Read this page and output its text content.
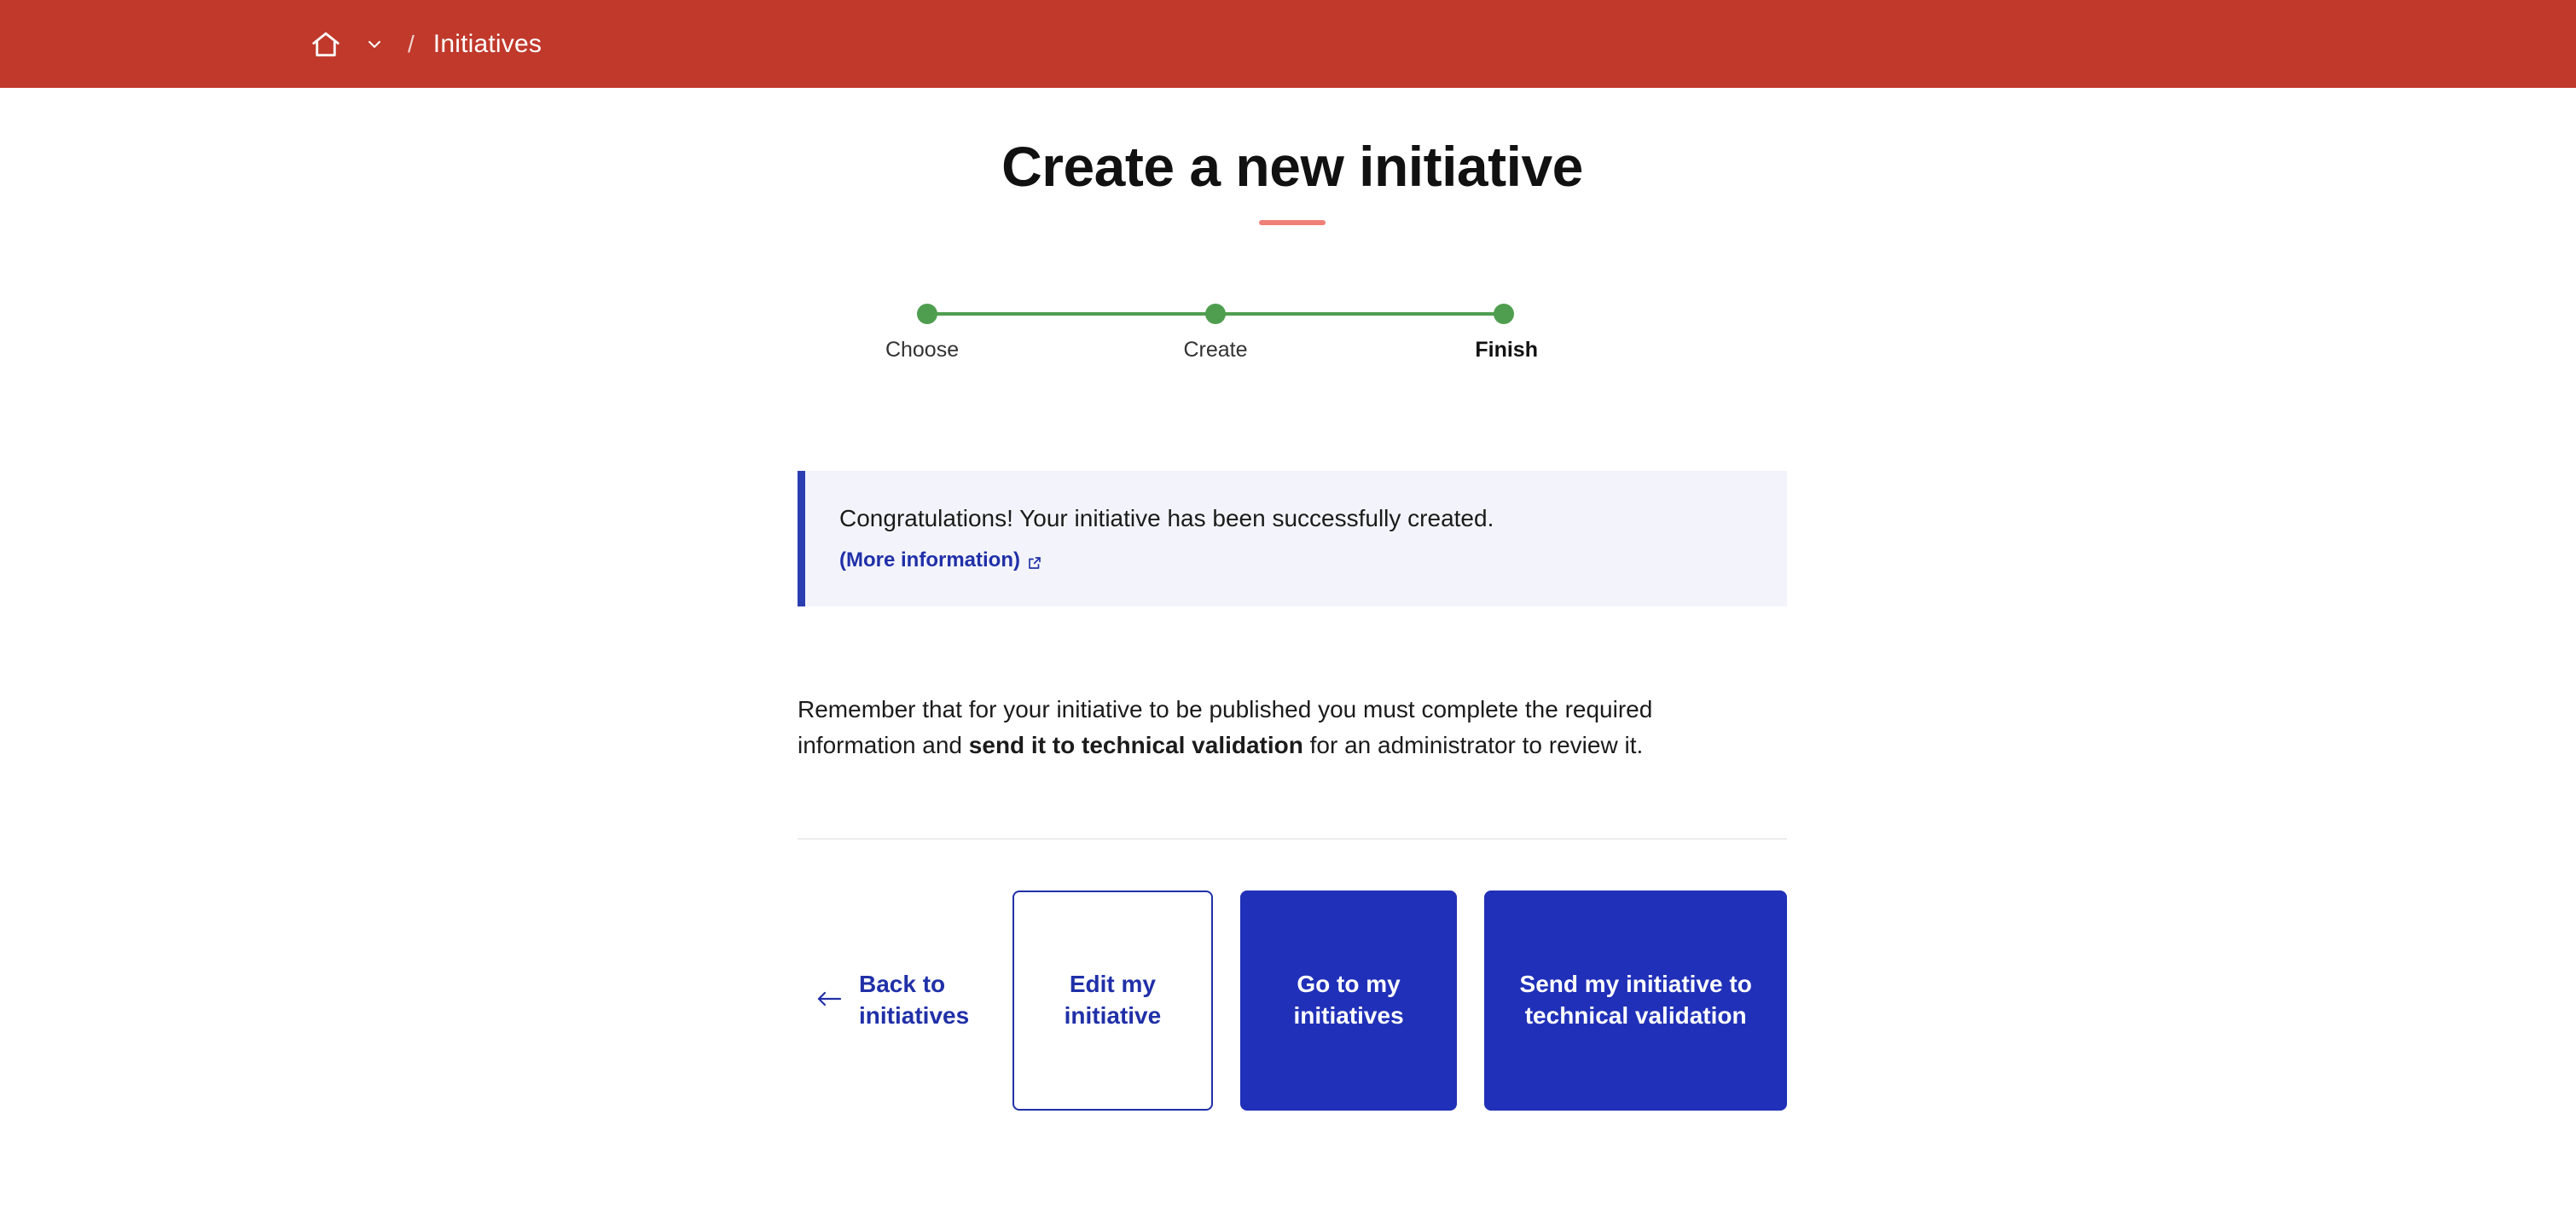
/ Initiatives
Create a new initiative
Choose	Create	Finish
Congratulations! Your initiative has been successfully created.
(More information)

Remember that for your initiative to be published you must complete the required information and send it to technical validation for an administrator to review it.

Back to initiatives
Edit my initiative
Go to my initiatives
Send my initiative to technical validation
